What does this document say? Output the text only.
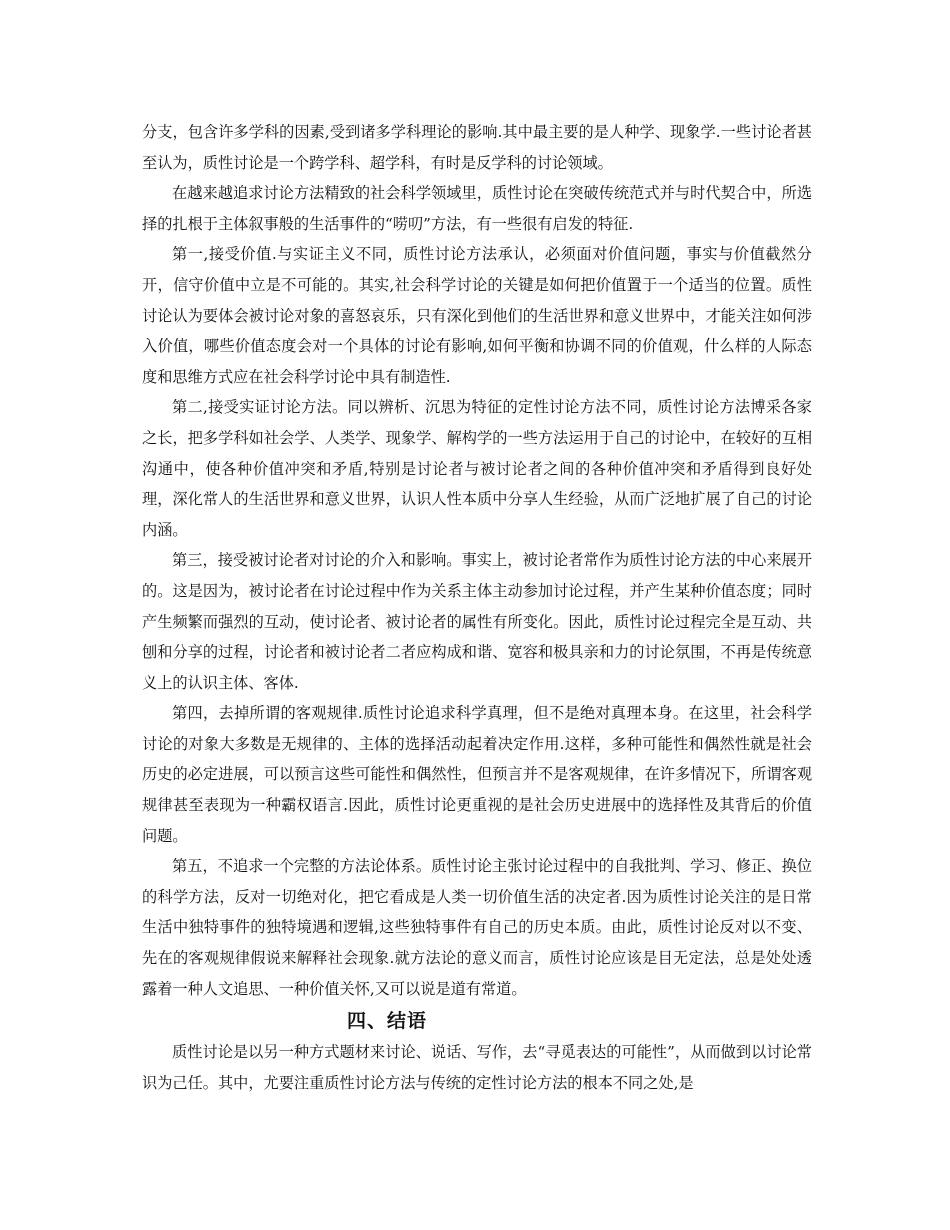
分支，包含许多学科的因素,受到诸多学科理论的影响.其中最主要的是人种学、现象学.一些讨论者甚至认为，质性讨论是一个跨学科、超学科，有时是反学科的讨论领域。

在越来越追求讨论方法精致的社会科学领域里，质性讨论在突破传统范式并与时代契合中，所选择的扎根于主体叙事般的生活事件的“唠叨”方法，有一些很有启发的特征.

第一,接受价值.与实证主义不同，质性讨论方法承认，必须面对价值问题，事实与价值截然分开，信守价值中立是不可能的。其实,社会科学讨论的关键是如何把价值置于一个适当的位置。质性讨论认为要体会被讨论对象的喜怒哀乐，只有深化到他们的生活世界和意义世界中，才能关注如何涉入价值，哪些价值态度会对一个具体的讨论有影响,如何平衡和协调不同的价值观，什么样的人际态度和思维方式应在社会科学讨论中具有制造性.

第二,接受实证讨论方法。同以辨析、沉思为特征的定性讨论方法不同，质性讨论方法博采各家之长，把多学科如社会学、人类学、现象学、解构学的一些方法运用于自己的讨论中，在较好的互相沟通中，使各种价值冲突和矛盾,特别是讨论者与被讨论者之间的各种价值冲突和矛盾得到良好处理，深化常人的生活世界和意义世界，认识人性本质中分享人生经验，从而广泛地扩展了自己的讨论内涵。

第三，接受被讨论者对讨论的介入和影响。事实上，被讨论者常作为质性讨论方法的中心来展开的。这是因为，被讨论者在讨论过程中作为关系主体主动参加讨论过程，并产生某种价值态度；同时产生频繁而强烈的互动，使讨论者、被讨论者的属性有所变化。因此，质性讨论过程完全是互动、共刨和分享的过程，讨论者和被讨论者二者应构成和谐、宽容和极具亲和力的讨论氛围，不再是传统意义上的认识主体、客体.

第四，去掉所谓的客观规律.质性讨论追求科学真理，但不是绝对真理本身。在这里，社会科学讨论的对象大多数是无规律的、主体的选择活动起着决定作用.这样，多种可能性和偶然性就是社会历史的必定进展，可以预言这些可能性和偶然性，但预言并不是客观规律，在许多情况下，所谓客观规律甚至表现为一种霸权语言.因此，质性讨论更重视的是社会历史进展中的选择性及其背后的价值问题。

第五，不追求一个完整的方法论体系。质性讨论主张讨论过程中的自我批判、学习、修正、换位的科学方法，反对一切绝对化，把它看成是人类一切价值生活的决定者.因为质性讨论关注的是日常生活中独特事件的独特境遇和逻辑,这些独特事件有自己的历史本质。由此，质性讨论反对以不变、先在的客观规律假说来解释社会现象.就方法论的意义而言，质性讨论应该是目无定法，总是处处透露着一种人文追思、一种价值关怀,又可以说是道有常道。

四、结语

质性讨论是以另一种方式题材来讨论、说话、写作，去“寻觅表达的可能性”，从而做到以讨论常识为己任。其中，尤要注重质性讨论方法与传统的定性讨论方法的根本不同之处,是
